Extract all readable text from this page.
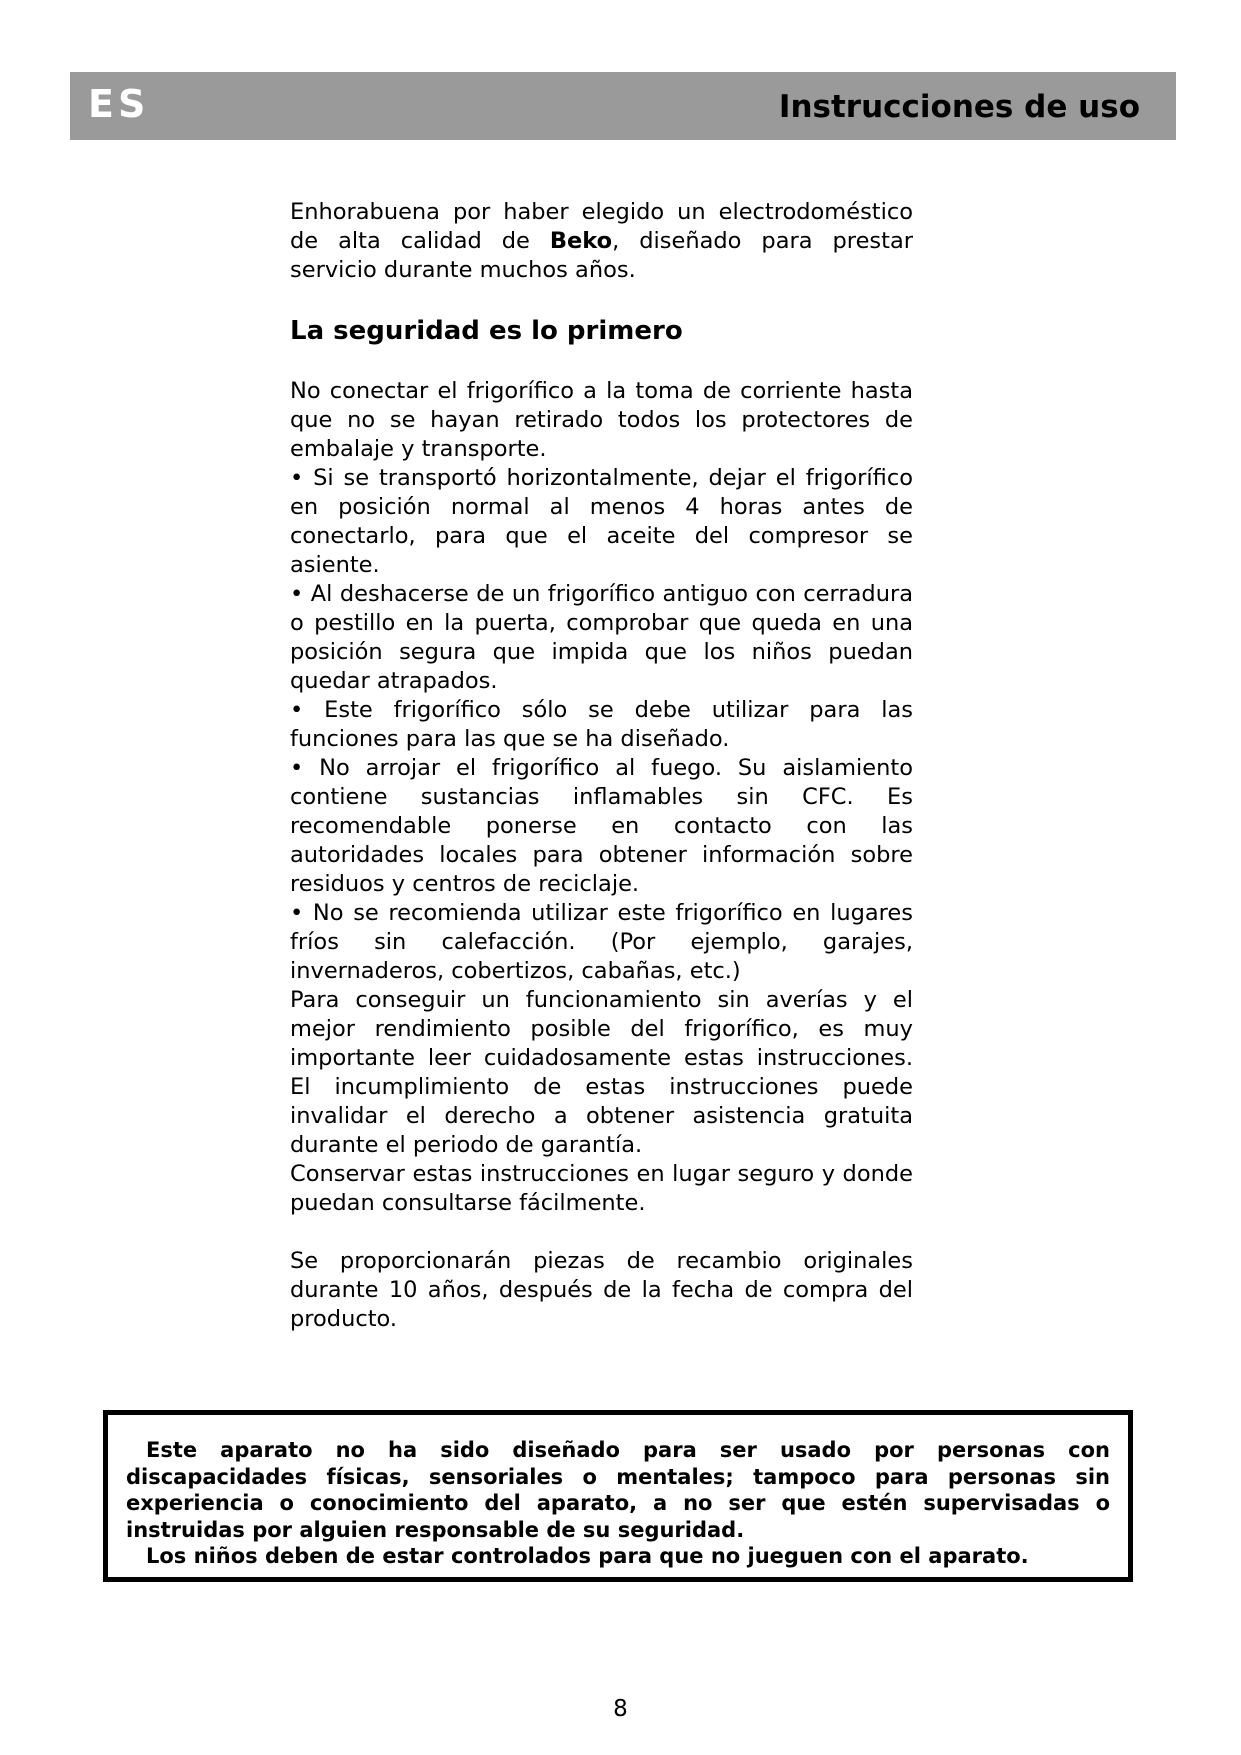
ES	Instrucciones de uso

Enhorabuena por haber elegido un electrodoméstico de alta calidad de Beko, diseñado para prestar servicio durante muchos años.

La seguridad es lo primero

No conectar el frigorífico a la toma de corriente hasta que no se hayan retirado todos los protectores de embalaje y transporte.

• Si se transportó horizontalmente, dejar el frigorífico en posición normal al menos 4 horas antes de conectarlo, para que el aceite del compresor se asiente.

• Al deshacerse de un frigorífico antiguo con cerradura o pestillo en la puerta, comprobar que queda en una posición segura que impida que los niños puedan quedar atrapados.

• Este frigorífico sólo se debe utilizar para las funciones para las que se ha diseñado.

• No arrojar el frigorífico al fuego. Su aislamiento contiene sustancias inflamables sin CFC. Es recomendable ponerse en contacto con las autoridades locales para obtener información sobre residuos y centros de reciclaje.

• No se recomienda utilizar este frigorífico en lugares fríos sin calefacción. (Por ejemplo, garajes, invernaderos, cobertizos, cabañas, etc.)

Para conseguir un funcionamiento sin averías y el mejor rendimiento posible del frigorífico, es muy importante leer cuidadosamente estas instrucciones. El incumplimiento de estas instrucciones puede invalidar el derecho a obtener asistencia gratuita durante el periodo de garantía.

Conservar estas instrucciones en lugar seguro y donde puedan consultarse fácilmente.

Se proporcionarán piezas de recambio originales durante 10 años, después de la fecha de compra del producto.

Este aparato no ha sido diseñado para ser usado por personas con discapacidades físicas, sensoriales o mentales; tampoco para personas sin experiencia o conocimiento del aparato, a no ser que estén supervisadas o instruidas por alguien responsable de su seguridad.

Los niños deben de estar controlados para que no jueguen con el aparato.

8
